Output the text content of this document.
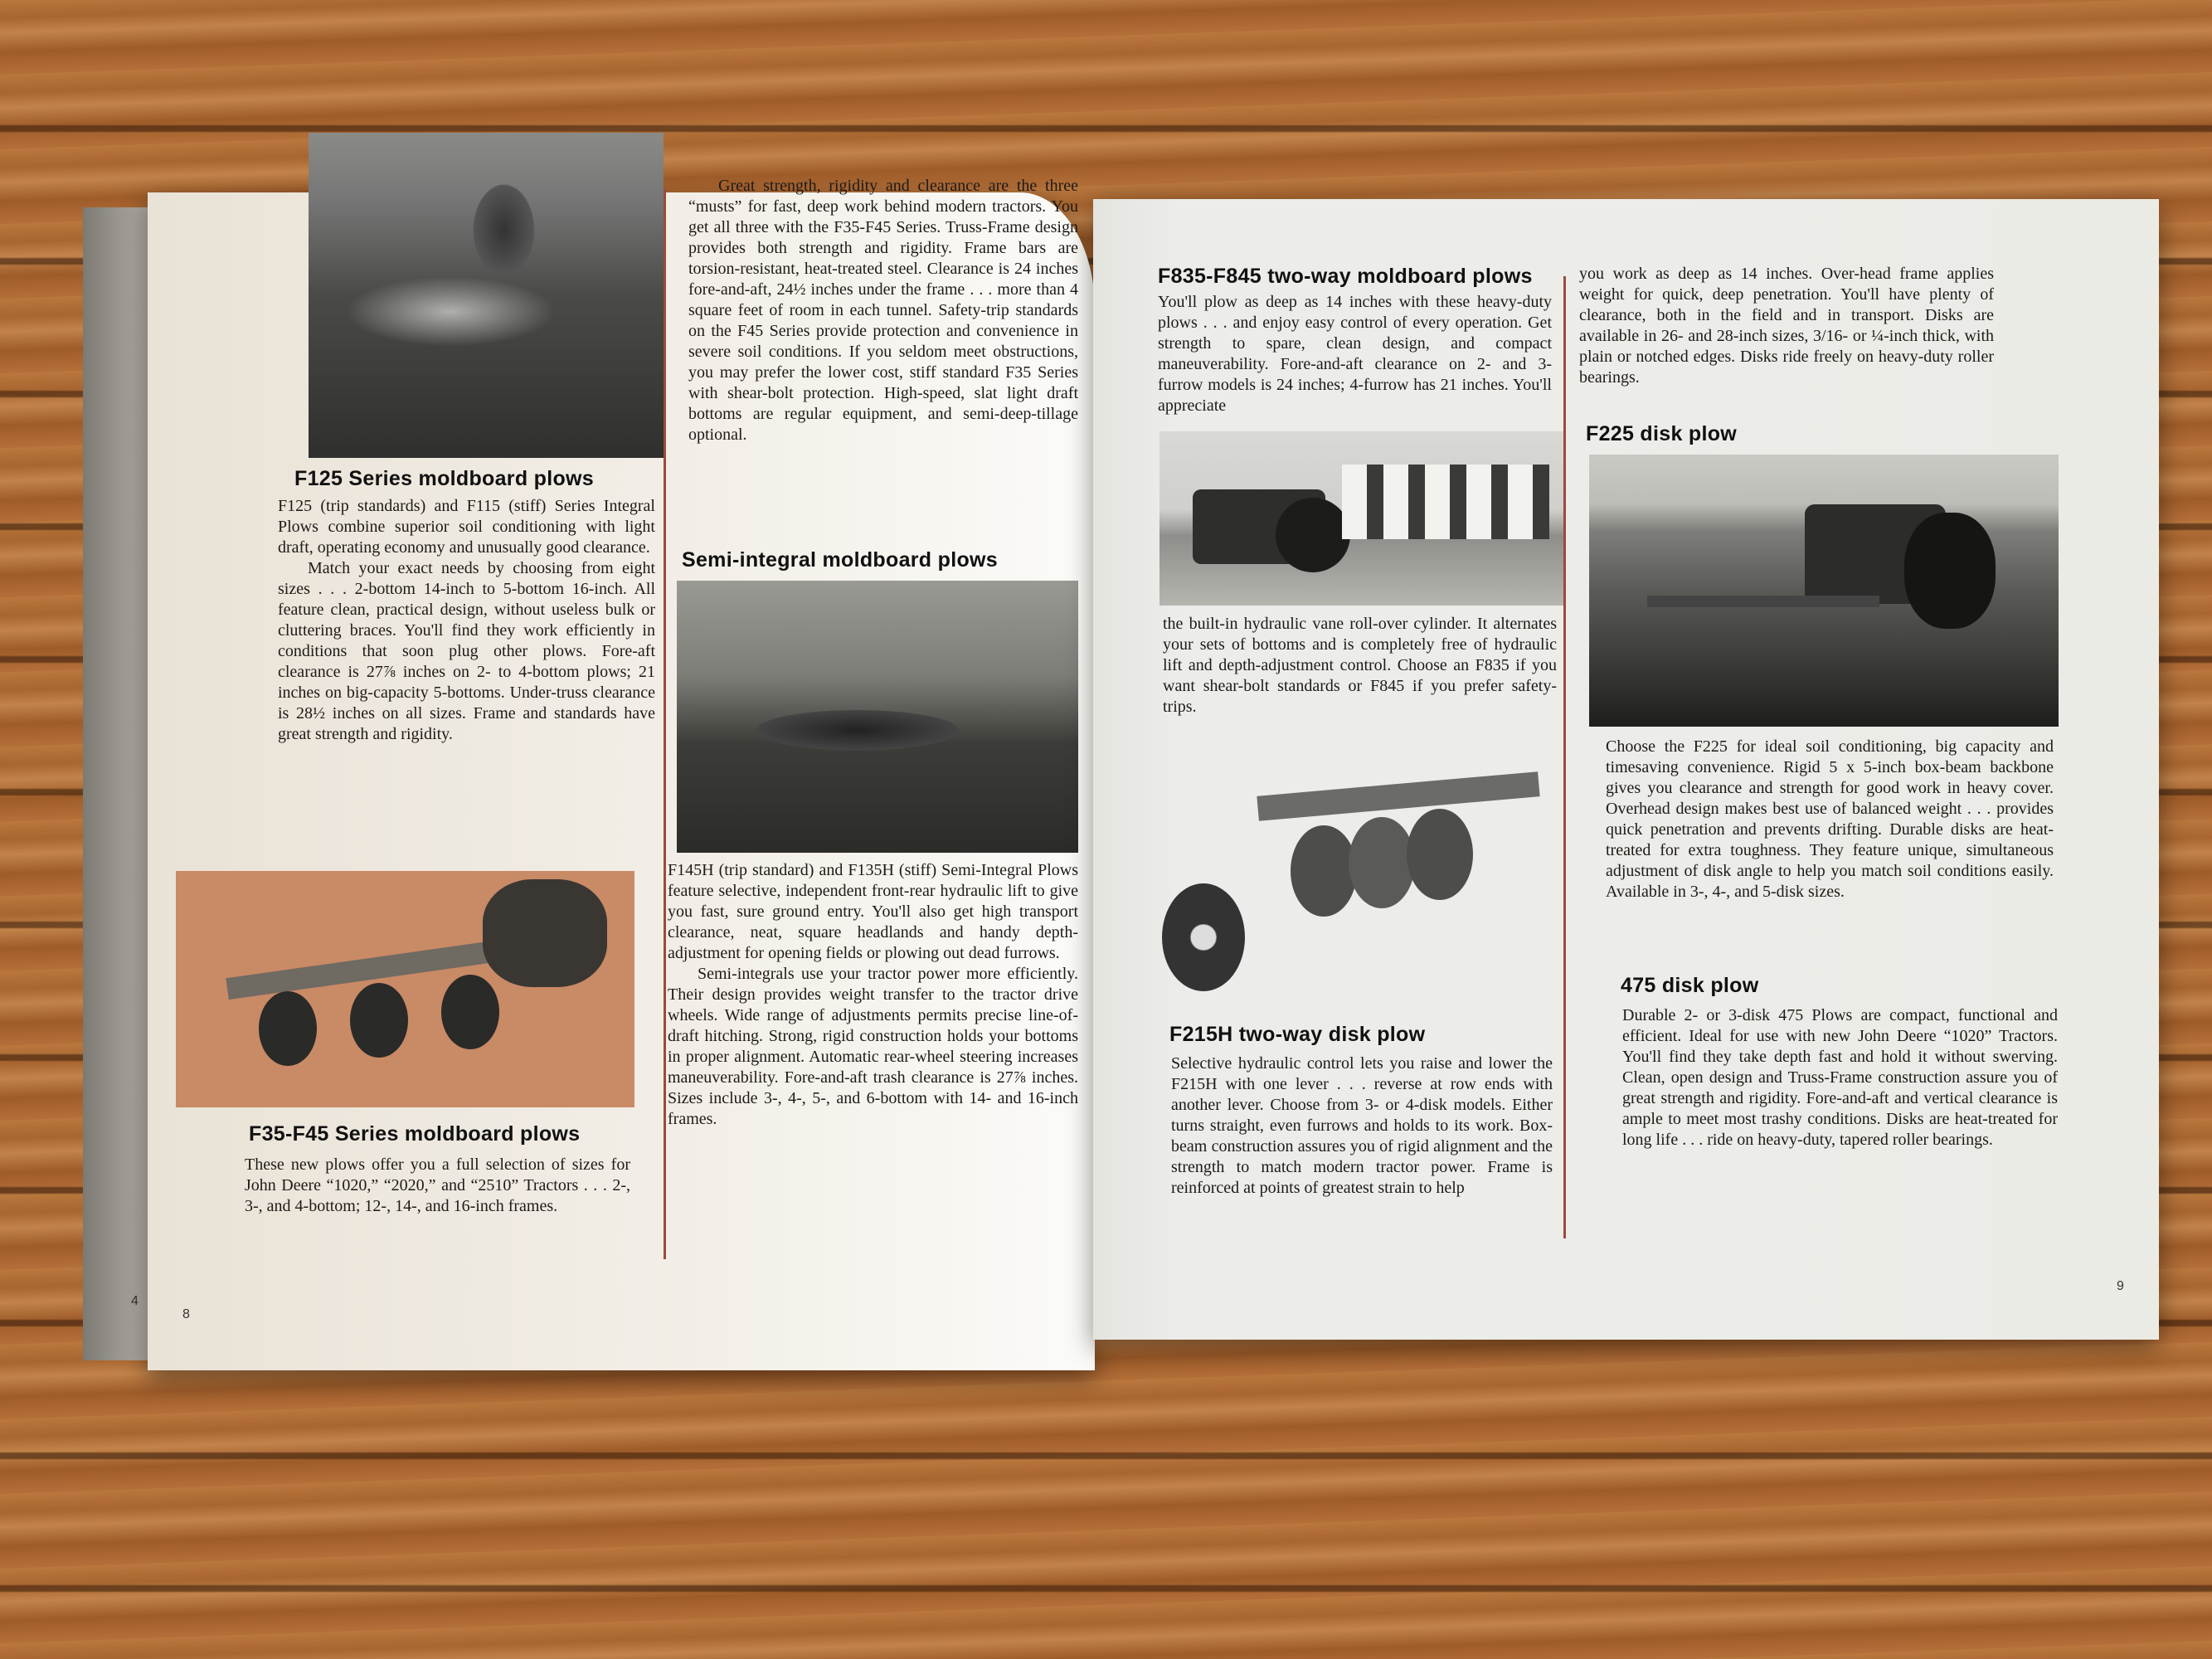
4
F125 Series moldboard plows

F125 (trip standards) and F115 (stiff) Series Integral Plows combine superior soil conditioning with light draft, operating economy and unusually good clearance.

Match your exact needs by choosing from eight sizes . . . 2-bottom 14-inch to 5-bottom 16-inch. All feature clean, practical design, without useless bulk or cluttering braces. You'll find they work efficiently in conditions that soon plug other plows. Fore-aft clearance is 27⅞ inches on 2- to 4-bottom plows; 21 inches on big-capacity 5-bottoms. Under-truss clearance is 28½ inches on all sizes. Frame and standards have great strength and rigidity.

F35-F45 Series moldboard plows
These new plows offer you a full selection of sizes for John Deere “1020,” “2020,” and “2510” Tractors . . . 2-, 3-, and 4-bottom; 12-, 14-, and 16-inch frames.
Great strength, rigidity and clearance are the three “musts” for fast, deep work behind modern tractors. You get all three with the F35-F45 Series. Truss-Frame design provides both strength and rigidity. Frame bars are torsion-resistant, heat-treated steel. Clearance is 24 inches fore-and-aft, 24½ inches under the frame . . . more than 4 square feet of room in each tunnel. Safety-trip standards on the F45 Series provide protection and convenience in severe soil conditions. If you seldom meet obstructions, you may prefer the lower cost, stiff standard F35 Series with shear-bolt protection. High-speed, slat light draft bottoms are regular equipment, and semi-deep-tillage optional.
Semi-integral moldboard plows

F145H (trip standard) and F135H (stiff) Semi-Integral Plows feature selective, independent front-rear hydraulic lift to give you fast, sure ground entry. You'll also get high transport clearance, neat, square headlands and handy depth-adjustment for opening fields or plowing out dead furrows.

Semi-integrals use your tractor power more efficiently. Their design provides weight transfer to the tractor drive wheels. Wide range of adjustments permits precise line-of-draft hitching. Strong, rigid construction holds your bottoms in proper alignment. Automatic rear-wheel steering increases maneuverability. Fore-and-aft trash clearance is 27⅞ inches. Sizes include 3-, 4-, 5-, and 6-bottom with 14- and 16-inch frames.

8
F835-F845 two-way moldboard plows
You'll plow as deep as 14 inches with these heavy-duty plows . . . and enjoy easy control of every operation. Get strength to spare, clean design, and compact maneuverability. Fore-and-aft clearance on 2- and 3-furrow models is 24 inches; 4-furrow has 21 inches. You'll appreciate
the built-in hydraulic vane roll-over cylinder. It alternates your sets of bottoms and is completely free of hydraulic lift and depth-adjustment control. Choose an F835 if you want shear-bolt standards or F845 if you prefer safety-trips.
F215H two-way disk plow
Selective hydraulic control lets you raise and lower the F215H with one lever . . . reverse at row ends with another lever. Choose from 3- or 4-disk models. Either turns straight, even furrows and holds to its work. Box-beam construction assures you of rigid alignment and the strength to match modern tractor power. Frame is reinforced at points of greatest strain to help
you work as deep as 14 inches. Over-head frame applies weight for quick, deep penetration. You'll have plenty of clearance, both in the field and in transport. Disks are available in 26- and 28-inch sizes, 3/16- or ¼-inch thick, with plain or notched edges. Disks ride freely on heavy-duty roller bearings.
F225 disk plow
Choose the F225 for ideal soil conditioning, big capacity and timesaving convenience. Rigid 5 x 5-inch box-beam backbone gives you clearance and strength for good work in heavy cover. Overhead design makes best use of balanced weight . . . provides quick penetration and prevents drifting. Durable disks are heat-treated for extra toughness. They feature unique, simultaneous adjustment of disk angle to help you match soil conditions easily. Available in 3-, 4-, and 5-disk sizes.
475 disk plow
Durable 2- or 3-disk 475 Plows are compact, functional and efficient. Ideal for use with new John Deere “1020” Tractors. You'll find they take depth fast and hold it without swerving. Clean, open design and Truss-Frame construction assure you of great strength and rigidity. Fore-and-aft and vertical clearance is ample to meet most trashy conditions. Disks are heat-treated for long life . . . ride on heavy-duty, tapered roller bearings.
9
